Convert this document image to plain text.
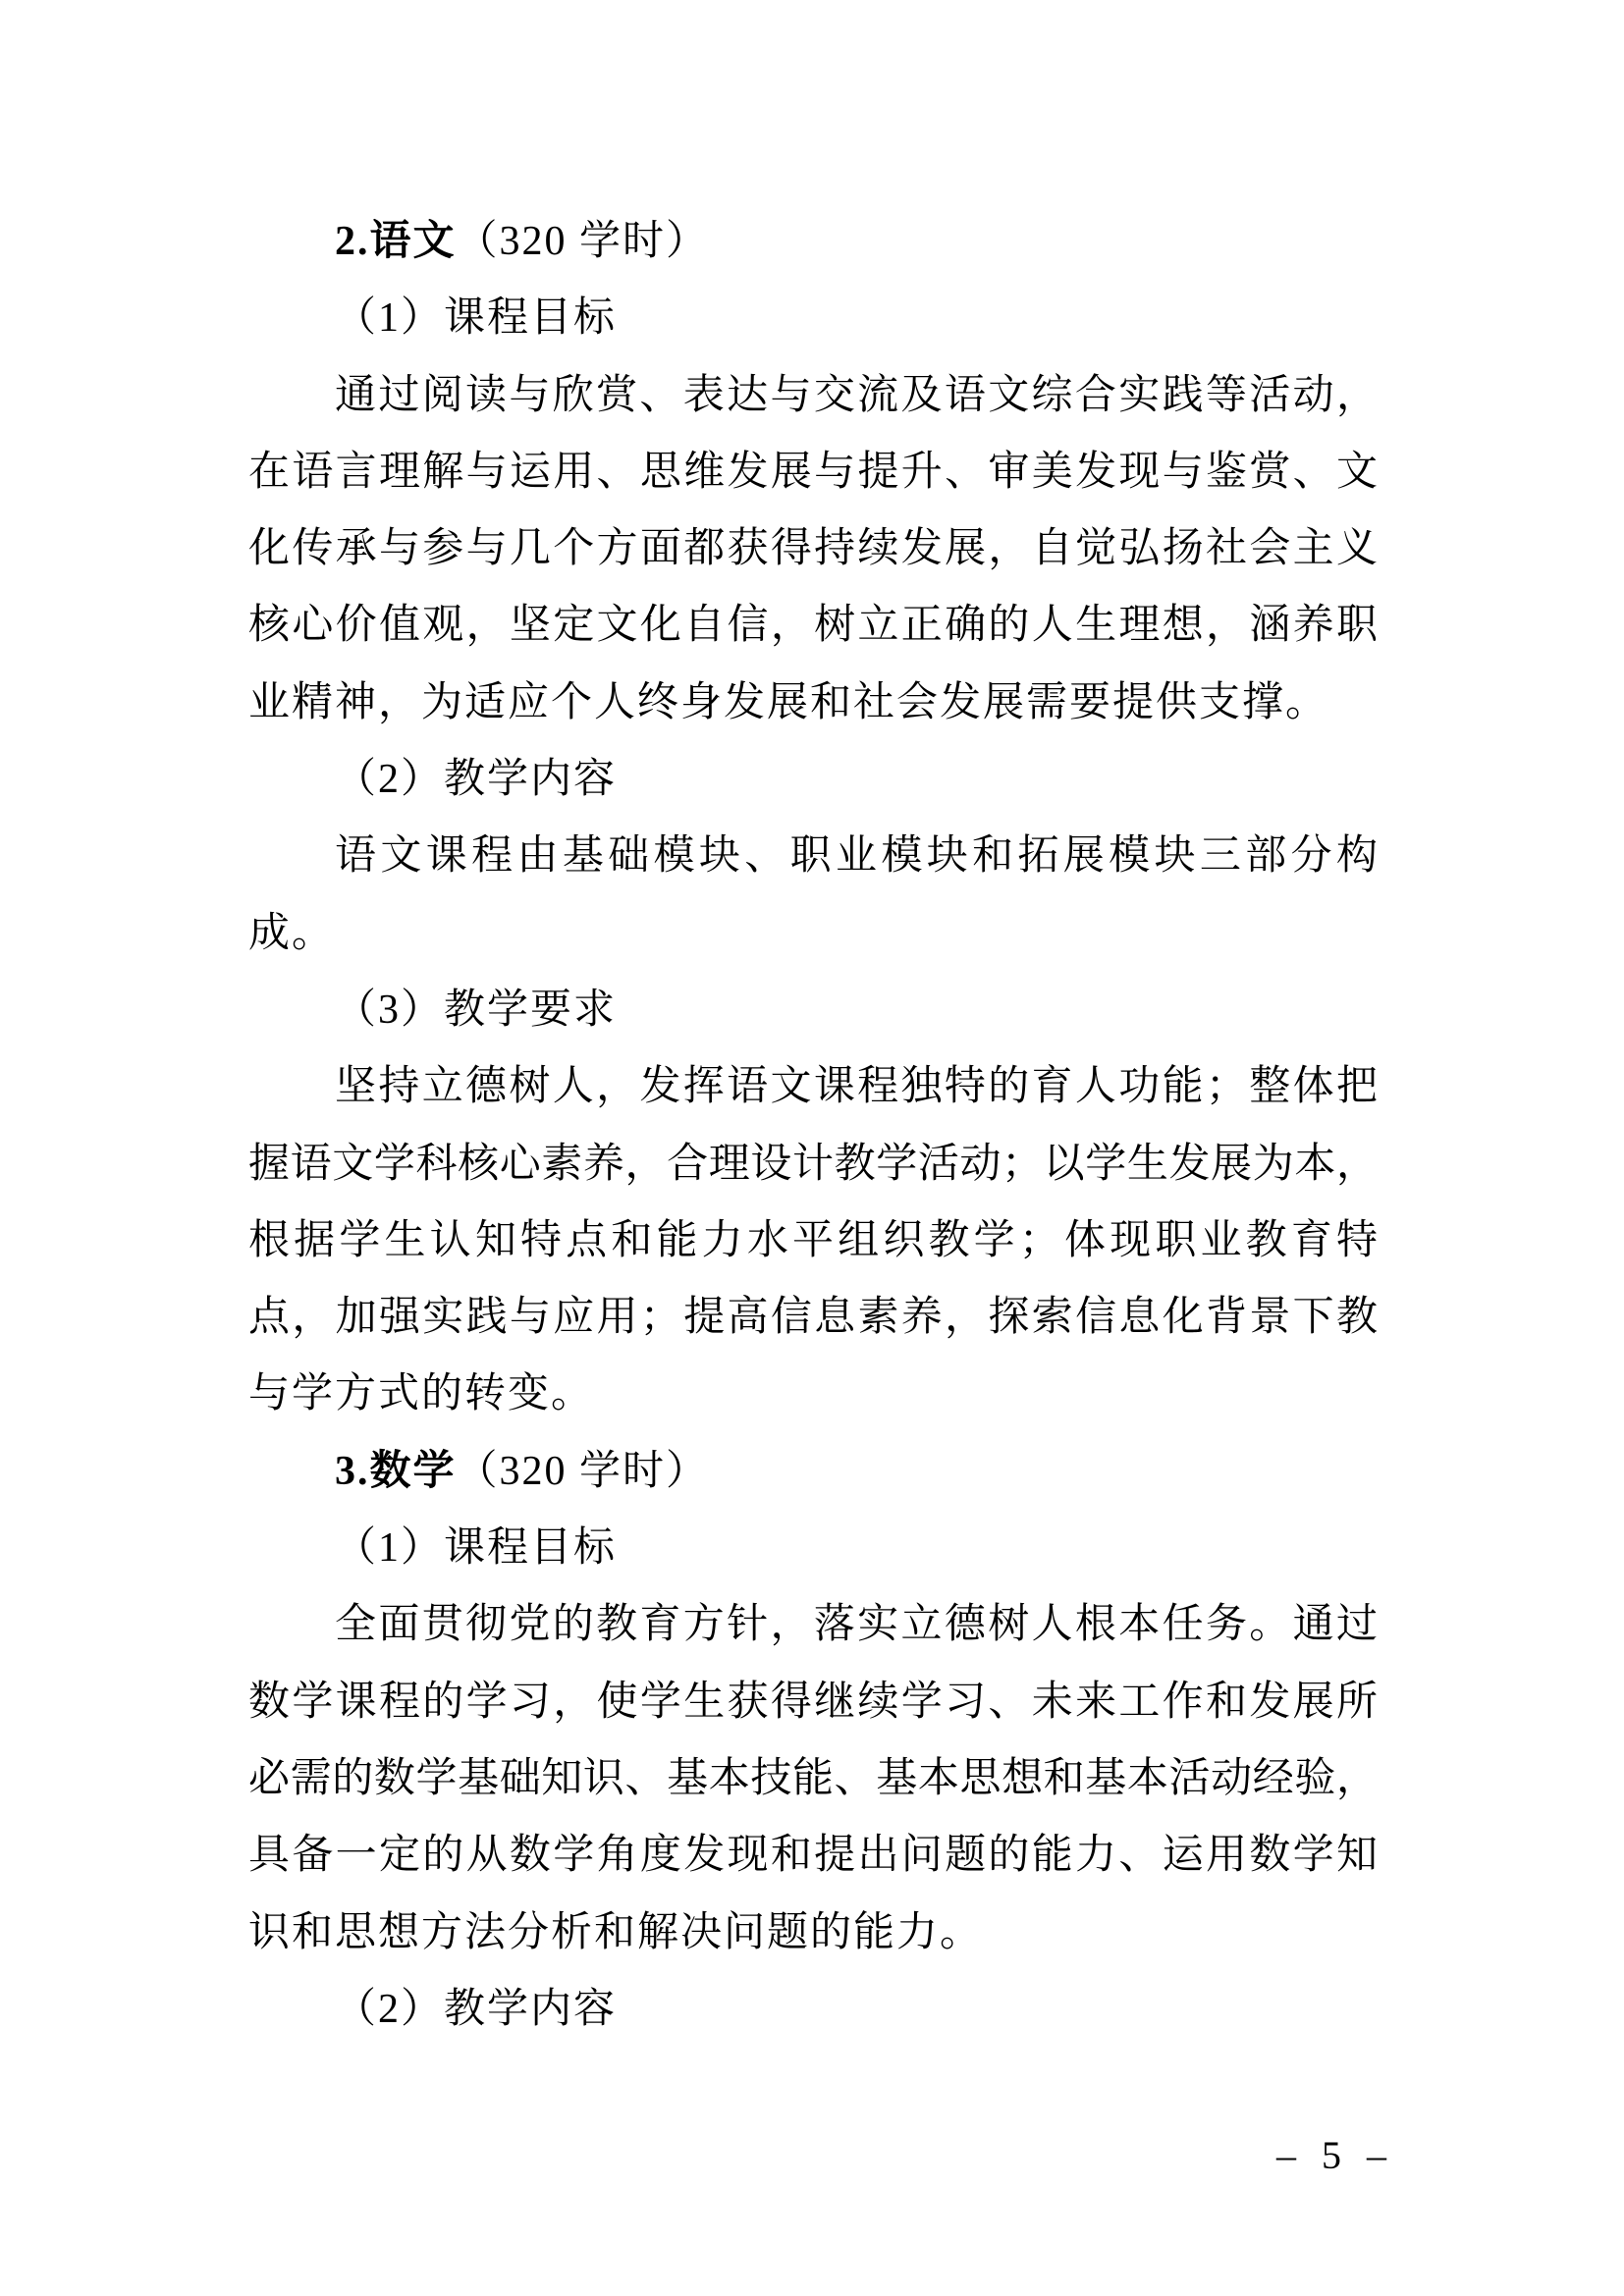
2.语文（320 学时）
（1）课程目标
通过阅读与欣赏、表达与交流及语文综合实践等活动，
在语言理解与运用、思维发展与提升、审美发现与鉴赏、文
化传承与参与几个方面都获得持续发展，自觉弘扬社会主义
核心价值观，坚定文化自信，树立正确的人生理想，涵养职
业精神，为适应个人终身发展和社会发展需要提供支撑。
（2）教学内容
语文课程由基础模块、职业模块和拓展模块三部分构
成。
（3）教学要求
坚持立德树人，发挥语文课程独特的育人功能；整体把
握语文学科核心素养，合理设计教学活动；以学生发展为本，
根据学生认知特点和能力水平组织教学；体现职业教育特
点，加强实践与应用；提高信息素养，探索信息化背景下教
与学方式的转变。
3.数学（320 学时）
（1）课程目标
全面贯彻党的教育方针，落实立德树人根本任务。通过
数学课程的学习，使学生获得继续学习、未来工作和发展所
必需的数学基础知识、基本技能、基本思想和基本活动经验，
具备一定的从数学角度发现和提出问题的能力、运用数学知
识和思想方法分析和解决问题的能力。
（2）教学内容
– 5 –
